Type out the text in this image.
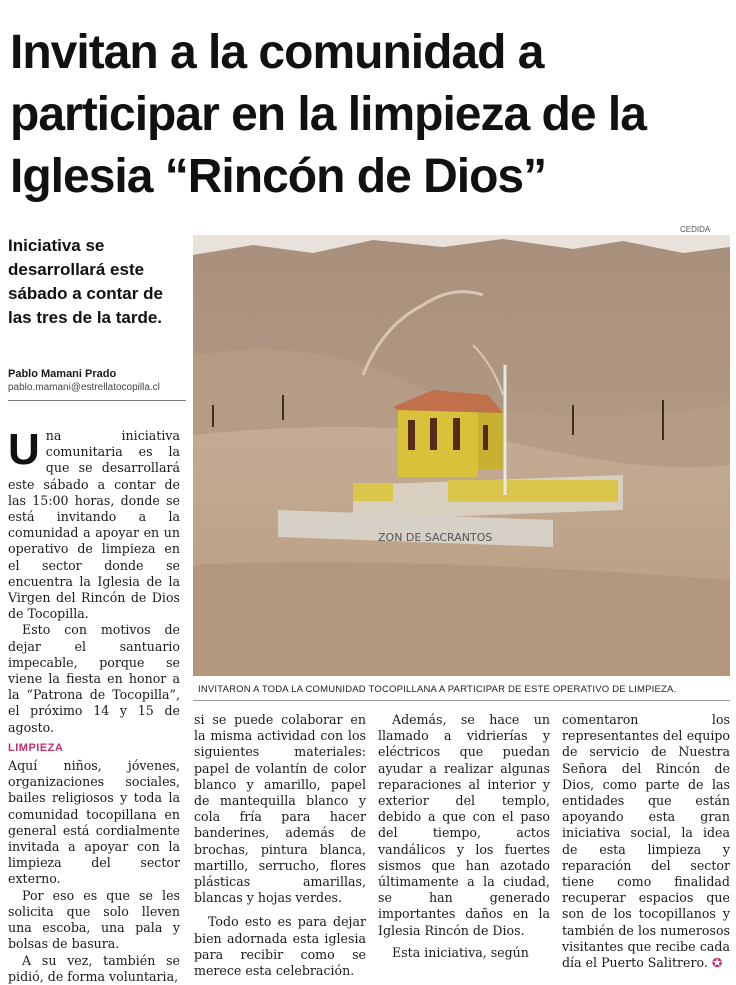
Invitan a la comunidad a participar en la limpieza de la Iglesia “Rincón de Dios”
CEDIDA
Iniciativa se desarrollará este sábado a contar de las tres de la tarde.
Pablo Mamani Prado
pablo.mamani@estrellatocopilla.cl
ZON DE SACRANTOS
INVITARON A TODA LA COMUNIDAD TOCOPILLANA A PARTICIPAR DE ESTE OPERATIVO DE LIMPIEZA.

Una iniciativa comunitaria es la que se desarrollará este sábado a contar de las 15:00 horas, donde se está invitando a la comunidad a apoyar en un operativo de limpieza en el sector donde se encuentra la Iglesia de la Virgen del Rincón de Dios de Tocopilla.

Esto con motivos de dejar el santuario impecable, porque se viene la fiesta en honor a la “Patrona de Tocopilla”, el próximo 14 y 15 de agosto.

LIMPIEZA

Aquí niños, jóvenes, organizaciones sociales, bailes religiosos y toda la comunidad tocopillana en general está cordialmente invitada a apoyar con la limpieza del sector externo.

Por eso es que se les solicita que solo lleven una escoba, una pala y bolsas de basura.

A su vez, también se pidió, de forma voluntaria,

si se puede colaborar en la misma actividad con los siguientes materiales: papel de volantín de color blanco y amarillo, papel de mantequilla blanco y cola fría para hacer banderines, además de brochas, pintura blanca, martillo, serrucho, flores plásticas amarillas, blancas y hojas verdes.

Todo esto es para dejar bien adornada esta iglesia para recibir como se merece esta celebración.

Además, se hace un llamado a vidrierías y eléctricos que puedan ayudar a realizar algunas reparaciones al interior y exterior del templo, debido a que con el paso del tiempo, actos vandálicos y los fuertes sismos que han azotado últimamente a la ciudad, se han generado importantes daños en la Iglesia Rincón de Dios.

Esta iniciativa, según

comentaron los representantes del equipo de servicio de Nuestra Señora del Rincón de Dios, como parte de las entidades que están apoyando esta gran iniciativa social, la idea de esta limpieza y reparación del sector tiene como finalidad recuperar espacios que son de los tocopillanos y también de los numerosos visitantes que recibe cada día el Puerto Salitrero. ✪
